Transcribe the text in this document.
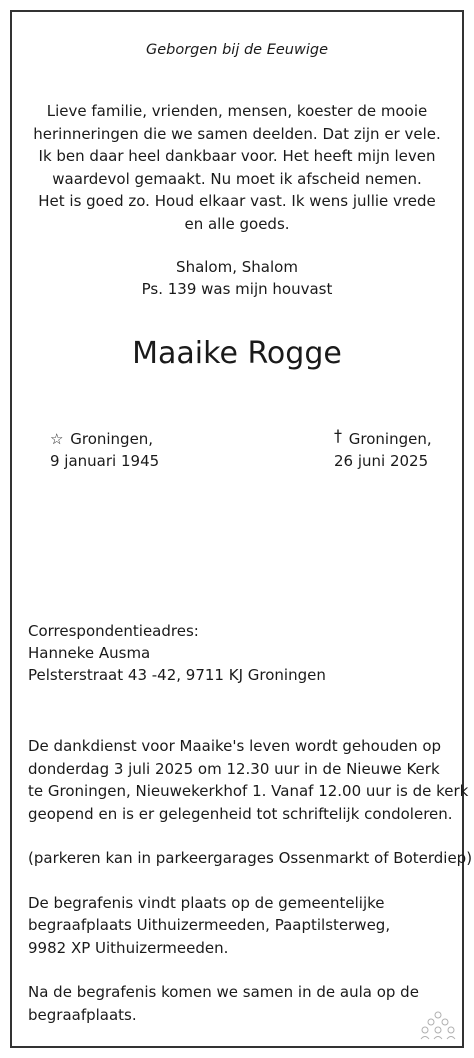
Geborgen bij de Eeuwige
Lieve familie, vrienden, mensen, koester de mooie
herinneringen die we samen deelden. Dat zijn er vele.
Ik ben daar heel dankbaar voor. Het heeft mijn leven
waardevol gemaakt. Nu moet ik afscheid nemen.
Het is goed zo. Houd elkaar vast. Ik wens jullie vrede
en alle goeds.
Shalom, Shalom
Ps. 139 was mijn houvast
Maaike Rogge
☆ Groningen,
9 januari 1945
† Groningen,
26 juni 2025
Correspondentieadres:
Hanneke Ausma
Pelsterstraat 43 -42, 9711 KJ Groningen
De dankdienst voor Maaike's leven wordt gehouden op
donderdag 3 juli 2025 om 12.30 uur in de Nieuwe Kerk
te Groningen, Nieuwekerkhof 1. Vanaf 12.00 uur is de kerk
geopend en is er gelegenheid tot schriftelijk condoleren.
(parkeren kan in parkeergarages Ossenmarkt of Boterdiep)
De begrafenis vindt plaats op de gemeentelijke
begraafplaats Uithuizermeeden, Paaptilsterweg,
9982 XP Uithuizermeeden.
Na de begrafenis komen we samen in de aula op de
begraafplaats.
